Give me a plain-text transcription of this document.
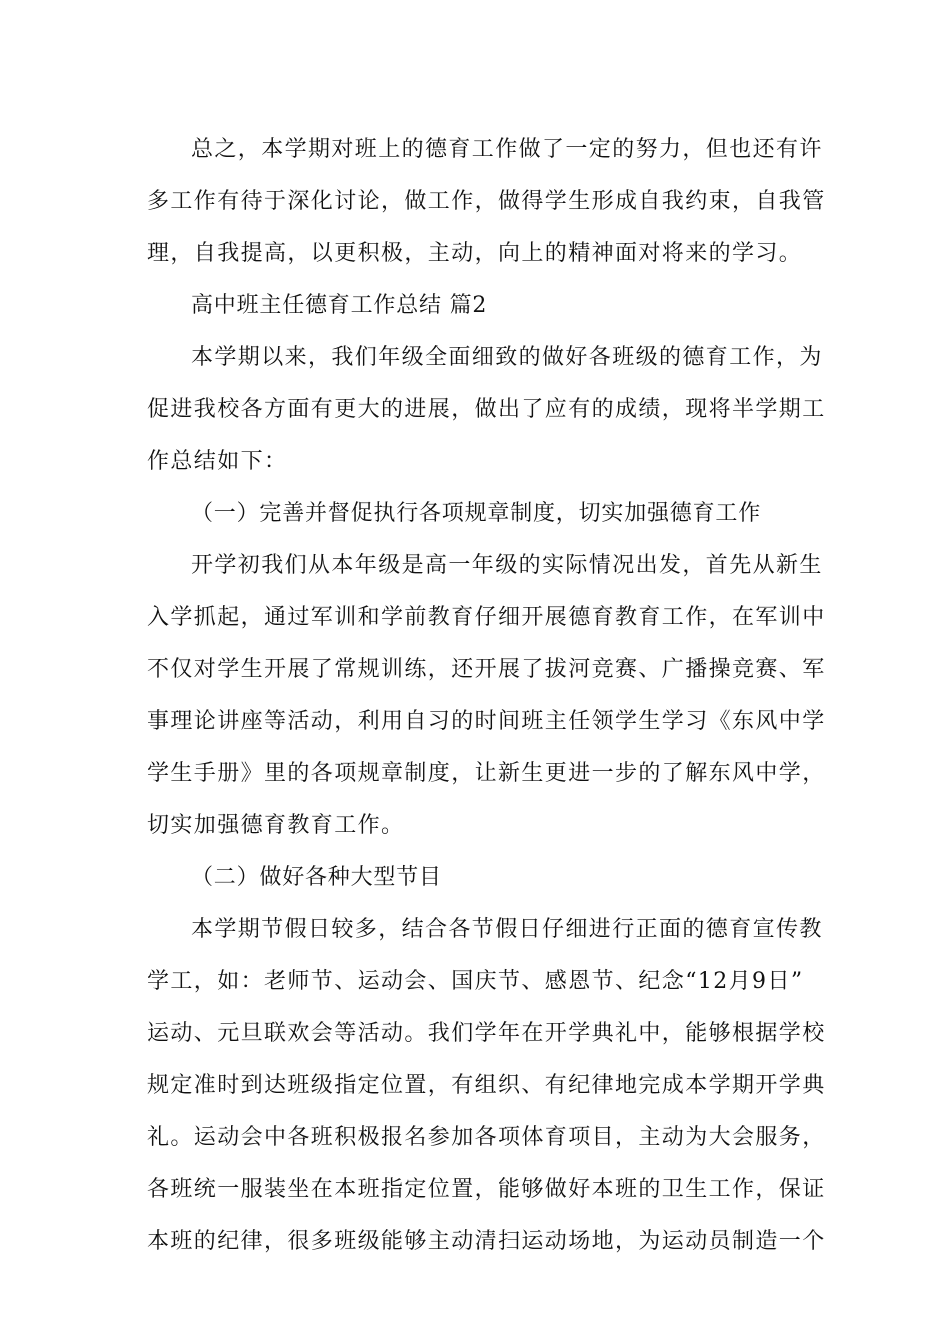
总之，本学期对班上的德育工作做了一定的努力，但也还有许
多工作有待于深化讨论，做工作，做得学生形成自我约束，自我管
理，自我提高，以更积极，主动，向上的精神面对将来的学习。
高中班主任德育工作总结 篇2
本学期以来，我们年级全面细致的做好各班级的德育工作，为
促进我校各方面有更大的进展，做出了应有的成绩，现将半学期工
作总结如下：
（一）完善并督促执行各项规章制度，切实加强德育工作
开学初我们从本年级是高一年级的实际情况出发，首先从新生
入学抓起，通过军训和学前教育仔细开展德育教育工作，在军训中
不仅对学生开展了常规训练，还开展了拔河竞赛、广播操竞赛、军
事理论讲座等活动，利用自习的时间班主任领学生学习《东风中学
学生手册》里的各项规章制度，让新生更进一步的了解东风中学，
切实加强德育教育工作。
（二）做好各种大型节目
本学期节假日较多，结合各节假日仔细进行正面的德育宣传教
学工，如：老师节、运动会、国庆节、感恩节、纪念“12月9日”
运动、元旦联欢会等活动。我们学年在开学典礼中，能够根据学校
规定准时到达班级指定位置，有组织、有纪律地完成本学期开学典
礼。运动会中各班积极报名参加各项体育项目，主动为大会服务，
各班统一服装坐在本班指定位置，能够做好本班的卫生工作，保证
本班的纪律，很多班级能够主动清扫运动场地，为运动员制造一个
